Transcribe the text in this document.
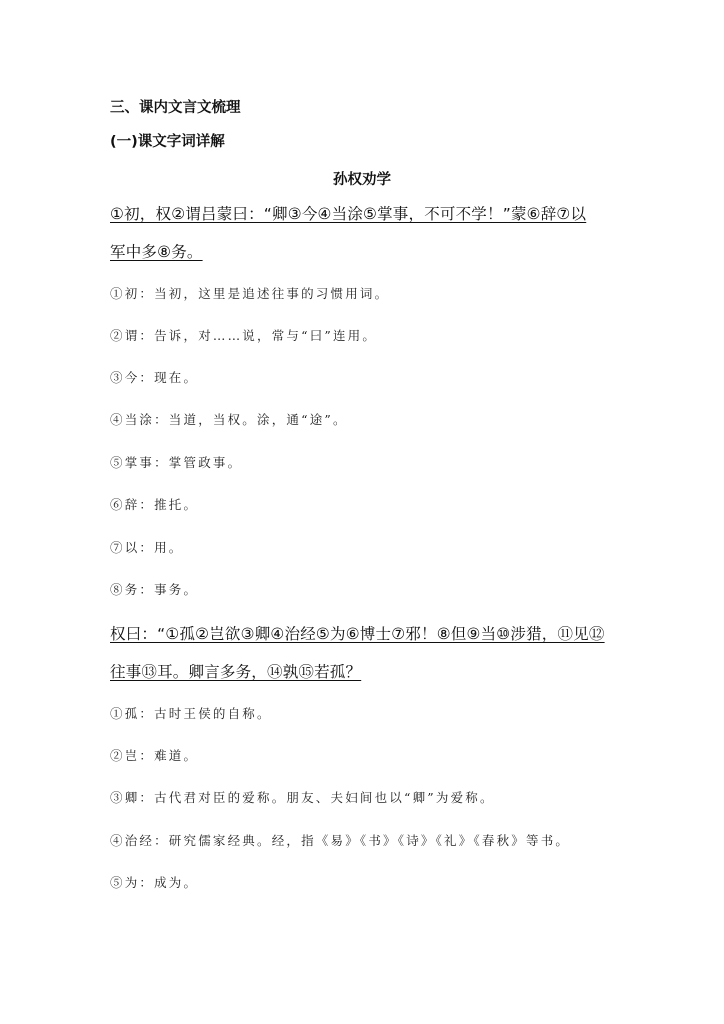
三、课内文言文梳理
(一)课文字词详解
孙权劝学
①初，权②谓吕蒙曰：“卿③今④当涂⑤掌事，不可不学！”蒙⑥辞⑦以
军中多⑧务。
①初：当初，这里是追述往事的习惯用词。
②谓：告诉，对……说，常与“曰”连用。
③今：现在。
④当涂：当道，当权。涂，通“途”。
⑤掌事：掌管政事。
⑥辞：推托。
⑦以：用。
⑧务：事务。
权曰：“①孤②岂欲③卿④治经⑤为⑥博士⑦邪！⑧但⑨当⑩涉猎，⑪见⑫
往事⑬耳。卿言多务，⑭孰⑮若孤？
①孤：古时王侯的自称。
②岂：难道。
③卿：古代君对臣的爱称。朋友、夫妇间也以“卿”为爱称。
④治经：研究儒家经典。经，指《易》《书》《诗》《礼》《春秋》等书。
⑤为：成为。
